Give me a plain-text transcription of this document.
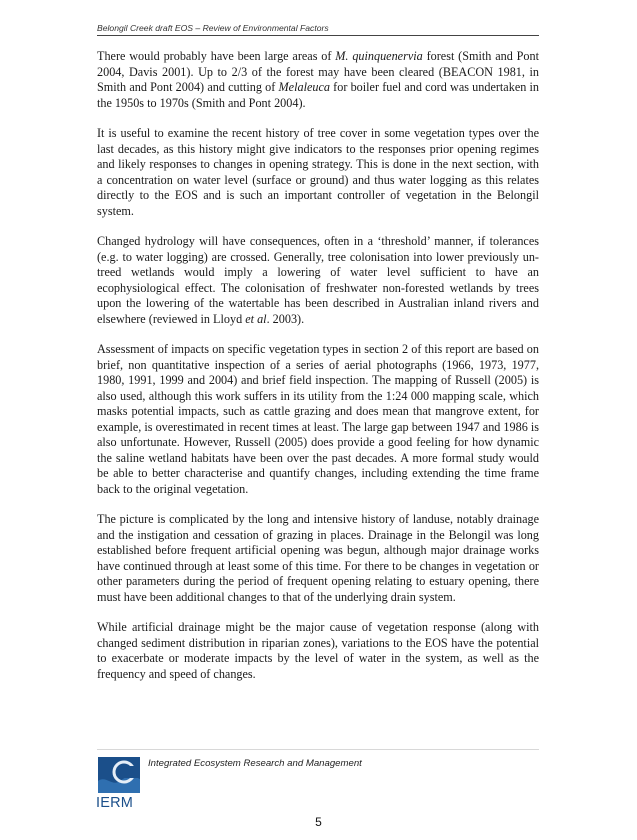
Belongil Creek draft EOS – Review of Environmental Factors

There would probably have been large areas of M. quinquenervia forest (Smith and Pont 2004, Davis 2001). Up to 2/3 of the forest may have been cleared (BEACON 1981, in Smith and Pont 2004) and cutting of Melaleuca for boiler fuel and cord was undertaken in the 1950s to 1970s (Smith and Pont 2004).

It is useful to examine the recent history of tree cover in some vegetation types over the last decades, as this history might give indicators to the responses prior opening regimes and likely responses to changes in opening strategy. This is done in the next section, with a concentration on water level (surface or ground) and thus water logging as this relates directly to the EOS and is such an important controller of vegetation in the Belongil system.

Changed hydrology will have consequences, often in a ‘threshold’ manner, if tolerances (e.g. to water logging) are crossed. Generally, tree colonisation into lower previously un-treed wetlands would imply a lowering of water level sufficient to have an ecophysiological effect. The colonisation of freshwater non-forested wetlands by trees upon the lowering of the watertable has been described in Australian inland rivers and elsewhere (reviewed in Lloyd et al. 2003).

Assessment of impacts on specific vegetation types in section 2 of this report are based on brief, non quantitative inspection of a series of aerial photographs (1966, 1973, 1977, 1980, 1991, 1999 and 2004) and brief field inspection. The mapping of Russell (2005) is also used, although this work suffers in its utility from the 1:24 000 mapping scale, which masks potential impacts, such as cattle grazing and does mean that mangrove extent, for example, is overestimated in recent times at least. The large gap between 1947 and 1986 is also unfortunate. However, Russell (2005) does provide a good feeling for how dynamic the saline wetland habitats have been over the past decades. A more formal study would be able to better characterise and quantify changes, including extending the time frame back to the original vegetation.

The picture is complicated by the long and intensive history of landuse, notably drainage and the instigation and cessation of grazing in places. Drainage in the Belongil was long established before frequent artificial opening was begun, although major drainage works have continued through at least some of this time. For there to be changes in vegetation or other parameters during the period of frequent opening relating to estuary opening, there must have been additional changes to that of the underlying drain system.

While artificial drainage might be the major cause of vegetation response (along with changed sediment distribution in riparian zones), variations to the EOS have the potential to exacerbate or moderate impacts by the level of water in the system, as well as the frequency and speed of changes.

Integrated Ecosystem Research and Management
IERM
5
